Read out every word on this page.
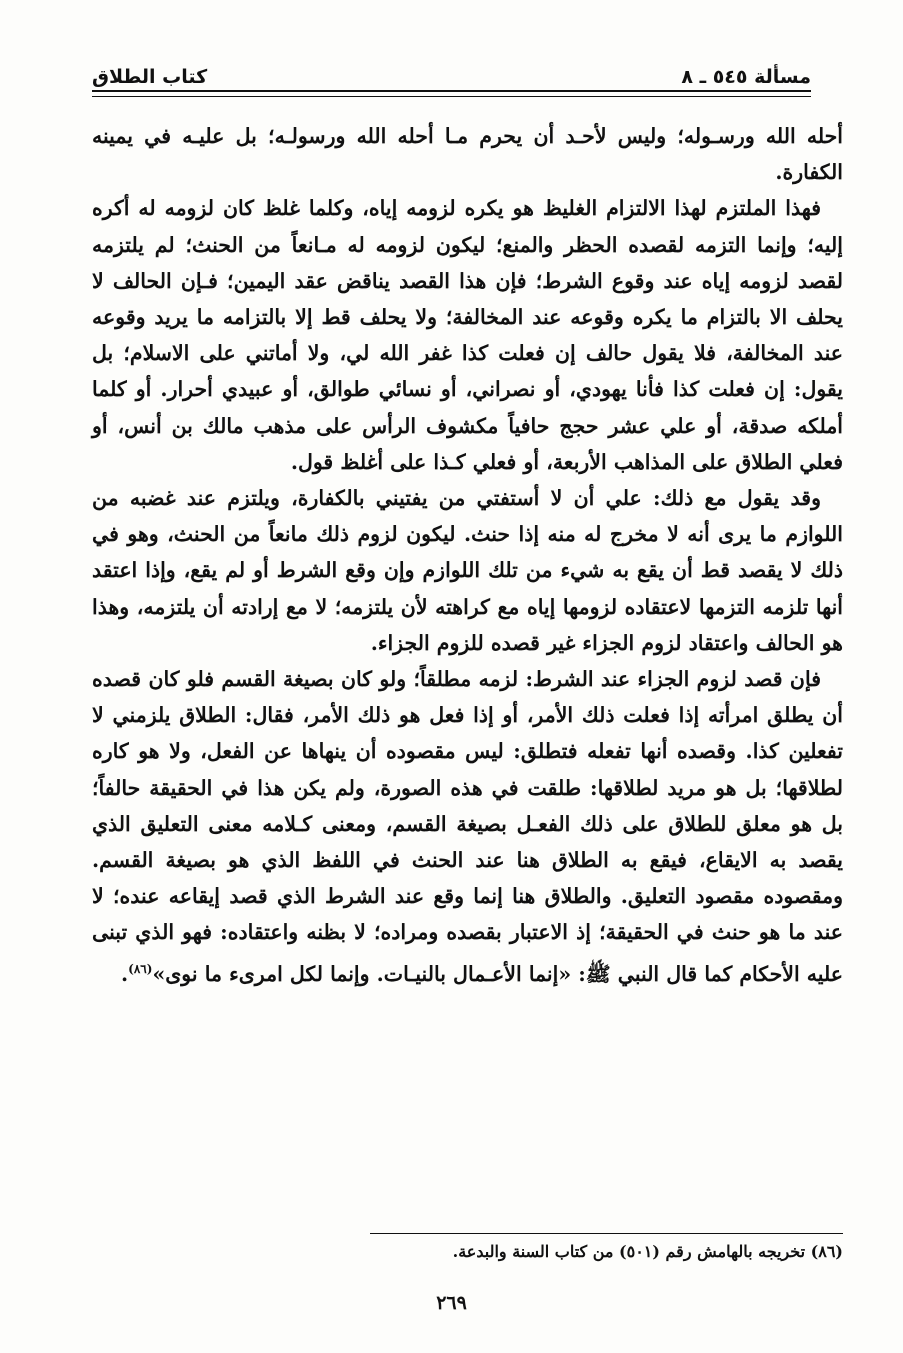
مسألة ٥٤٥ ـ ٨
كتاب الطلاق

أحله الله ورسـوله؛ وليس لأحـد أن يحرم مـا أحله الله ورسولـه؛ بل عليـه في يمينه الكفارة.

فهذا الملتزم لهذا الالتزام الغليظ هو يكره لزومه إياه، وكلما غلظ كان لزومه له أكره إليه؛ وإنما التزمه لقصده الحظر والمنع؛ ليكون لزومه له مـانعاً من الحنث؛ لم يلتزمه لقصد لزومه إياه عند وقوع الشرط؛ فإن هذا القصد يناقض عقد اليمين؛ فـإن الحالف لا يحلف الا بالتزام ما يكره وقوعه عند المخالفة؛ ولا يحلف قط إلا بالتزامه ما يريد وقوعه عند المخالفة، فلا يقول حالف إن فعلت كذا غفر الله لي، ولا أماتني على الاسلام؛ بل يقول: إن فعلت كذا فأنا يهودي، أو نصراني، أو نسائي طوالق، أو عبيدي أحرار. أو كلما أملكه صدقة، أو علي عشر حجج حافياً مكشوف الرأس على مذهب مالك بن أنس، أو فعلي الطلاق على المذاهب الأربعة، أو فعلي كـذا على أغلظ قول.

وقد يقول مع ذلك: علي أن لا أستفتي من يفتيني بالكفارة، ويلتزم عند غضبه من اللوازم ما يرى أنه لا مخرج له منه إذا حنث. ليكون لزوم ذلك مانعاً من الحنث، وهو في ذلك لا يقصد قط أن يقع به شيء من تلك اللوازم وإن وقع الشرط أو لم يقع، وإذا اعتقد أنها تلزمه التزمها لاعتقاده لزومها إياه مع كراهته لأن يلتزمه؛ لا مع إرادته أن يلتزمه، وهذا هو الحالف واعتقاد لزوم الجزاء غير قصده للزوم الجزاء.

فإن قصد لزوم الجزاء عند الشرط: لزمه مطلقاً؛ ولو كان بصيغة القسم فلو كان قصده أن يطلق امرأته إذا فعلت ذلك الأمر، أو إذا فعل هو ذلك الأمر، فقال: الطلاق يلزمني لا تفعلين كذا. وقصده أنها تفعله فتطلق: ليس مقصوده أن ينهاها عن الفعل، ولا هو كاره لطلاقها؛ بل هو مريد لطلاقها: طلقت في هذه الصورة، ولم يكن هذا في الحقيقة حالفاً؛ بل هو معلق للطلاق على ذلك الفعـل بصيغة القسم، ومعنى كـلامه معنى التعليق الذي يقصد به الايقاع، فيقع به الطلاق هنا عند الحنث في اللفظ الذي هو بصيغة القسم. ومقصوده مقصود التعليق. والطلاق هنا إنما وقع عند الشرط الذي قصد إيقاعه عنده؛ لا عند ما هو حنث في الحقيقة؛ إذ الاعتبار بقصده ومراده؛ لا بظنه واعتقاده: فهو الذي تبنى عليه الأحكام كما قال النبي ﷺ: «إنما الأعـمال بالنيـات. وإنما لكل امرىء ما نوى»$^{(٨٦)}$.

(٨٦) تخريجه بالهامش رقم (٥٠١) من كتاب السنة والبدعة.
٢٦٩
